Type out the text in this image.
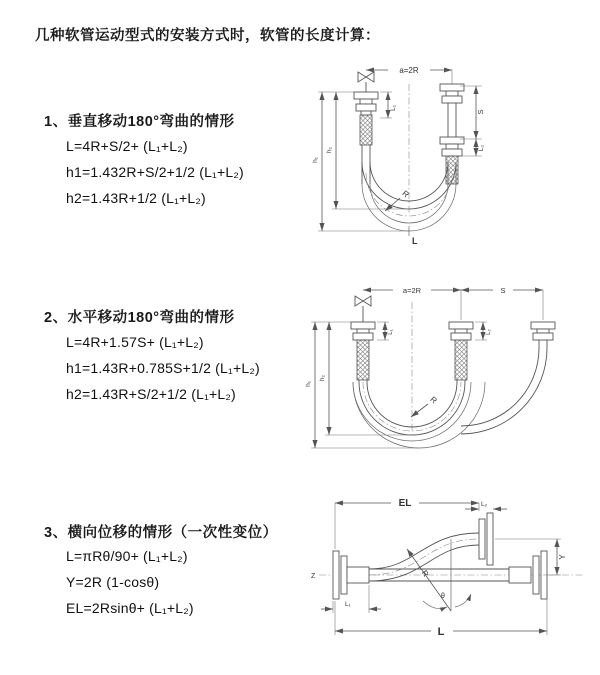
几种软管运动型式的安装方式时，软管的长度计算：
1、垂直移动180°弯曲的情形
L=4R+S/2+ (L₁+L₂)
h1=1.432R+S/2+1/2 (L₁+L₂)
h2=1.43R+1/2 (L₁+L₂)
a=2R
L₁
S
L₂
h₁
h₂
R
L
2、水平移动180°弯曲的情形
L=4R+1.57S+ (L₁+L₂)
h1=1.43R+0.785S+1/2 (L₁+L₂)
h2=1.43R+S/2+1/2 (L₁+L₂)
a=2R	S
L₁	L₂
h₁
h₂
R
3、横向位移的情形（一次性变位）
L=πRθ/90+ (L₁+L₂)
Y=2R (1-cosθ)
EL=2Rsinθ+ (L₁+L₂)
Z
EL	L₂
Y
L
L₁
R
θ
